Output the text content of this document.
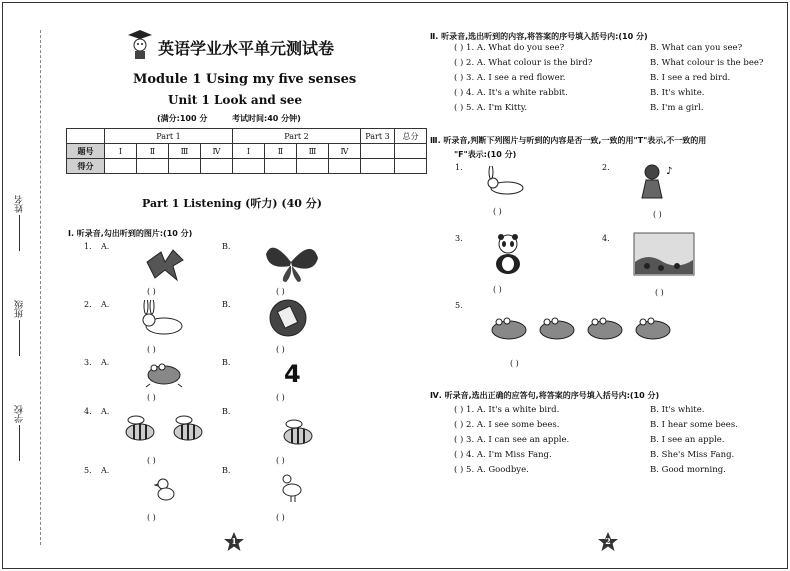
姓名
班级
学校
英语学业水平单元测试卷
Module 1 Using my five senses
Unit 1 Look and see
(满分:100 分	考试时间:40 分钟)
	Part 1				Part 2				Part 3	总分
题号	Ⅰ	Ⅱ	Ⅲ	Ⅳ	Ⅰ	Ⅱ	Ⅲ	Ⅳ		
得分										
Part 1 Listening (听力) (40 分)
Ⅰ. 听录音,勾出听到的图片:(10 分)
1. A.	B.
( )	( )
2. A.	B.
( )	( )
3. A.	B. 4
( )	( )
4. A.	B.
( )	( )
5. A.	B.
( )	( )
1
Ⅱ. 听录音,选出听到的内容,将答案的序号填入括号内:(10 分)
( ) 1. A. What do you see?	B. What can you see?
( ) 2. A. What colour is the bird?	B. What colour is the bee?
( ) 3. A. I see a red flower.	B. I see a red bird.
( ) 4. A. It's a white rabbit.	B. It's white.
( ) 5. A. I'm Kitty.	B. I'm a girl.
Ⅲ. 听录音,判断下列图片与听到的内容是否一致,一致的用"T"表示,不一致的用
"F"表示:(10 分)
1.
( )
2.	♪
( )
3.
( )
4.
( )
5.
( )
Ⅳ. 听录音,选出正确的应答句,将答案的序号填入括号内:(10 分)
( ) 1. A. It's a white bird.	B. It's white.
( ) 2. A. I see some bees.	B. I hear some bees.
( ) 3. A. I can see an apple.	B. I see an apple.
( ) 4. A. I'm Miss Fang.	B. She's Miss Fang.
( ) 5. A. Goodbye.	B. Good morning.
2
